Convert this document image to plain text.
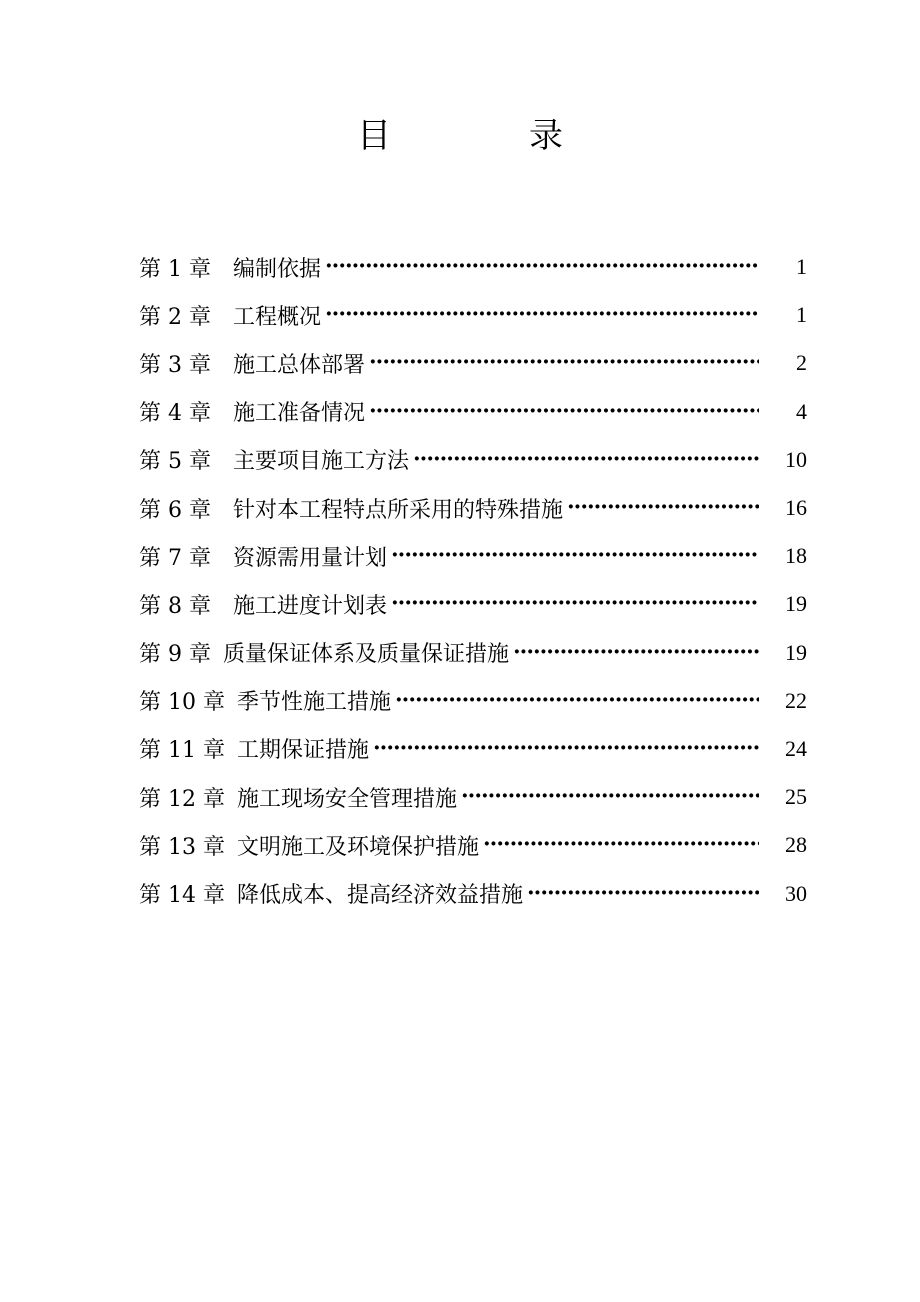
目　录
第 1 章 编制依据 ·····	1
第 2 章 工程概况 ·····	1
第 3 章 施工总体部署 ·····	2
第 4 章 施工准备情况 ·····	4
第 5 章 主要项目施工方法 ·····	10
第 6 章 针对本工程特点所采用的特殊措施 ·····	16
第 7 章 资源需用量计划 ·····	18
第 8 章 施工进度计划表 ·····	19
第 9 章 质量保证体系及质量保证措施 ·····	19
第 10 章 季节性施工措施 ·····	22
第 11 章 工期保证措施 ·····	24
第 12 章 施工现场安全管理措施 ·····	25
第 13 章 文明施工及环境保护措施 ·····	28
第 14 章 降低成本、提高经济效益措施 ·····	30
